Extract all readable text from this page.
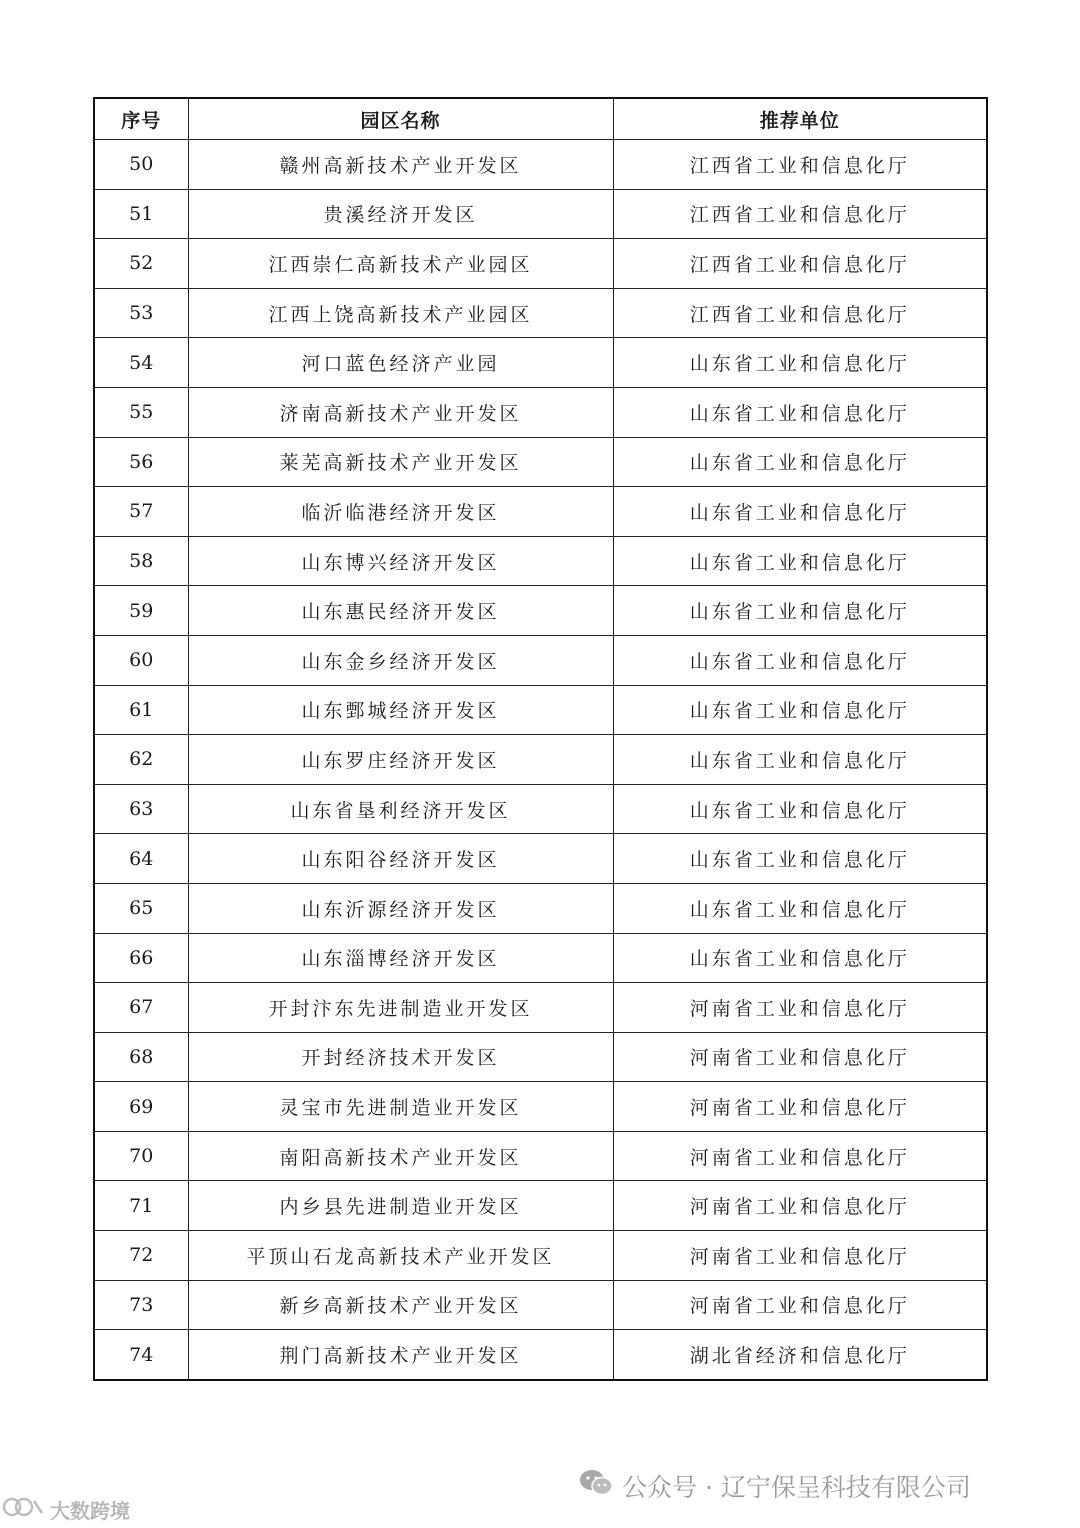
序号	园区名称	推荐单位
50	赣州高新技术产业开发区	江西省工业和信息化厅
51	贵溪经济开发区	江西省工业和信息化厅
52	江西崇仁高新技术产业园区	江西省工业和信息化厅
53	江西上饶高新技术产业园区	江西省工业和信息化厅
54	河口蓝色经济产业园	山东省工业和信息化厅
55	济南高新技术产业开发区	山东省工业和信息化厅
56	莱芜高新技术产业开发区	山东省工业和信息化厅
57	临沂临港经济开发区	山东省工业和信息化厅
58	山东博兴经济开发区	山东省工业和信息化厅
59	山东惠民经济开发区	山东省工业和信息化厅
60	山东金乡经济开发区	山东省工业和信息化厅
61	山东鄄城经济开发区	山东省工业和信息化厅
62	山东罗庄经济开发区	山东省工业和信息化厅
63	山东省垦利经济开发区	山东省工业和信息化厅
64	山东阳谷经济开发区	山东省工业和信息化厅
65	山东沂源经济开发区	山东省工业和信息化厅
66	山东淄博经济开发区	山东省工业和信息化厅
67	开封汴东先进制造业开发区	河南省工业和信息化厅
68	开封经济技术开发区	河南省工业和信息化厅
69	灵宝市先进制造业开发区	河南省工业和信息化厅
70	南阳高新技术产业开发区	河南省工业和信息化厅
71	内乡县先进制造业开发区	河南省工业和信息化厅
72	平顶山石龙高新技术产业开发区	河南省工业和信息化厅
73	新乡高新技术产业开发区	河南省工业和信息化厅
74	荆门高新技术产业开发区	湖北省经济和信息化厅
公众号 · 辽宁保呈科技有限公司
大数跨境
